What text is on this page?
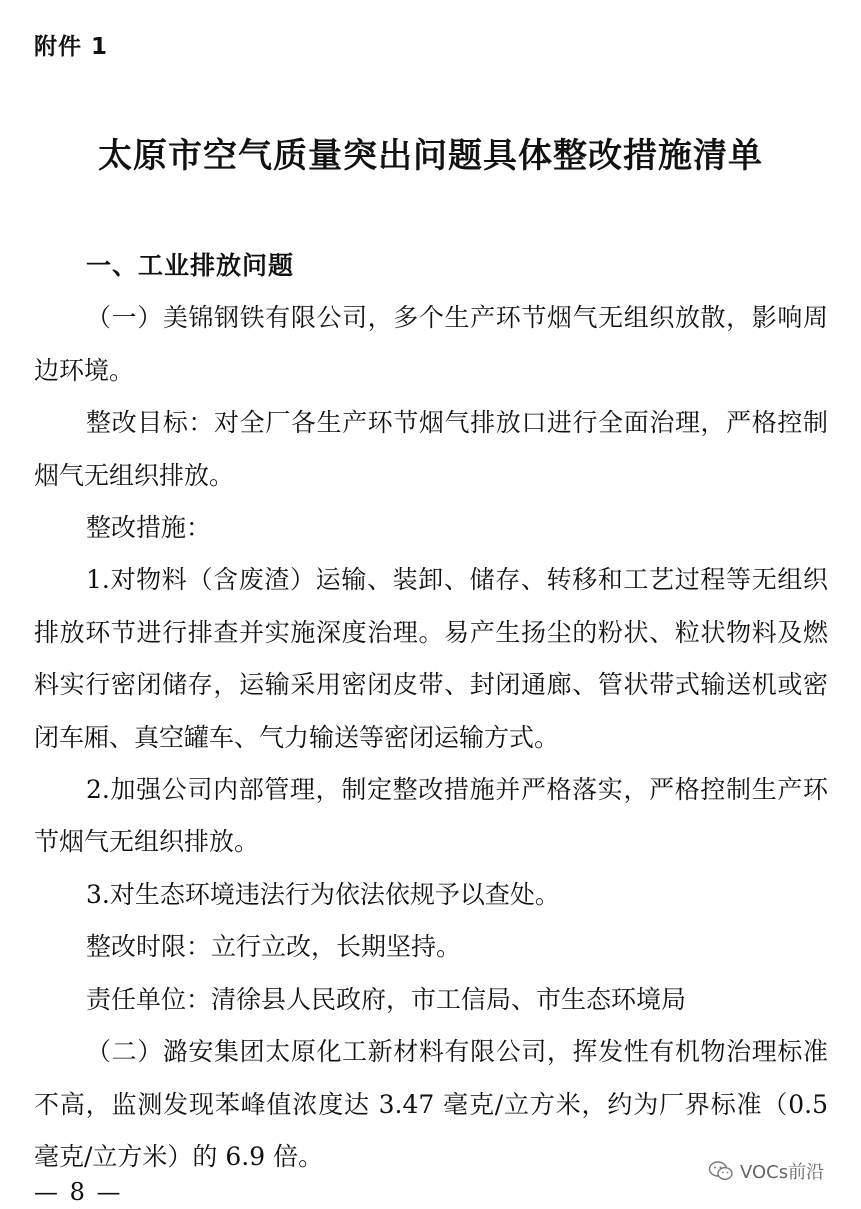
附件 1
太原市空气质量突出问题具体整改措施清单

一、工业排放问题

（一）美锦钢铁有限公司，多个生产环节烟气无组织放散，影响周边环境。

整改目标：对全厂各生产环节烟气排放口进行全面治理，严格控制烟气无组织排放。

整改措施：

1.对物料（含废渣）运输、装卸、储存、转移和工艺过程等无组织排放环节进行排查并实施深度治理。易产生扬尘的粉状、粒状物料及燃料实行密闭储存，运输采用密闭皮带、封闭通廊、管状带式输送机或密闭车厢、真空罐车、气力输送等密闭运输方式。

2.加强公司内部管理，制定整改措施并严格落实，严格控制生产环节烟气无组织排放。

3.对生态环境违法行为依法依规予以查处。

整改时限：立行立改，长期坚持。

责任单位：清徐县人民政府，市工信局、市生态环境局

（二）潞安集团太原化工新材料有限公司，挥发性有机物治理标准不高，监测发现苯峰值浓度达 3.47 毫克/立方米，约为厂界标准（0.5 毫克/立方米）的 6.9 倍。

— 8 —
VOCs前沿
